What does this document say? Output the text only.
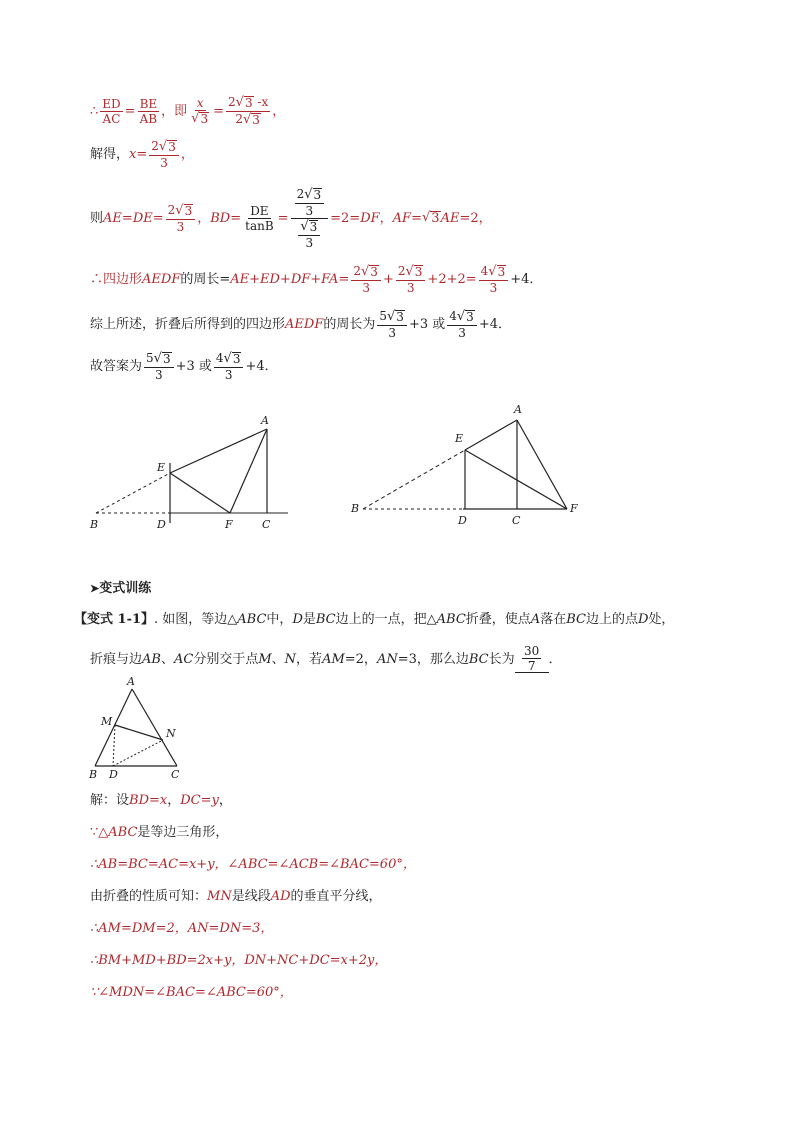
∴ $\frac{ED}{AC} = \frac{BE}{AB}$ ，即 $\frac{x}{√ 3} = \frac{2 √ 3 -x}{2 √ 3}$ ，
解得， $x = \frac{2 √ 3}{3}$ ，
则 AE = DE = $\frac{2 √ 3}{3}$ ， BD = $\frac{DE}{\tan B} = \frac{\frac{2 √ 3}{3}}{\frac{√ 3}{3}} =2=$ DF ， AF = √ 3 AE =2，
∴四边形 AEDF 的周长= $AE+ED+DF+FA = \frac{2 √ 3}{3} + \frac{2 √ 3}{3} +2+2= \frac{4 √ 3}{3} +4$．
综上所述，折叠后所得到的四边形 AEDF 的周长为 $\frac{5 √ 3}{3} +3$ 或 $\frac{4 √ 3}{3} +4$．
故答案为 $\frac{5 √ 3}{3} +3$ 或 $\frac{4 √ 3}{3} +4$．
A
E
B	D	F	C
A
E
B
D	C
F
➤ 变式训练
【变式 1-1】 . 如图，等边△ ABC 中， D 是 BC 边上的一点，把△ ABC 折叠，使点 A 落在 BC 边上的点 D 处，
折痕与边 AB 、 AC 分别交于点 M 、 N ，若 AM =2， AN =3，那么边 BC 长为 $\frac{30}{7}$ ．
A
M
N
B D	C
解：设 BD=x ， DC=y ，
∵△ ABC 是等边三角形，
∴AB=BC=AC=x+y，∠ABC=∠ACB=∠BAC=60°，
由折叠的性质可知： MN 是线段 AD 的垂直平分线，
∴AM=DM=2，AN=DN=3，
∴BM+MD+BD=2x+y，DN+NC+DC=x+2y，
∵∠MDN=∠BAC=∠ABC=60°，
